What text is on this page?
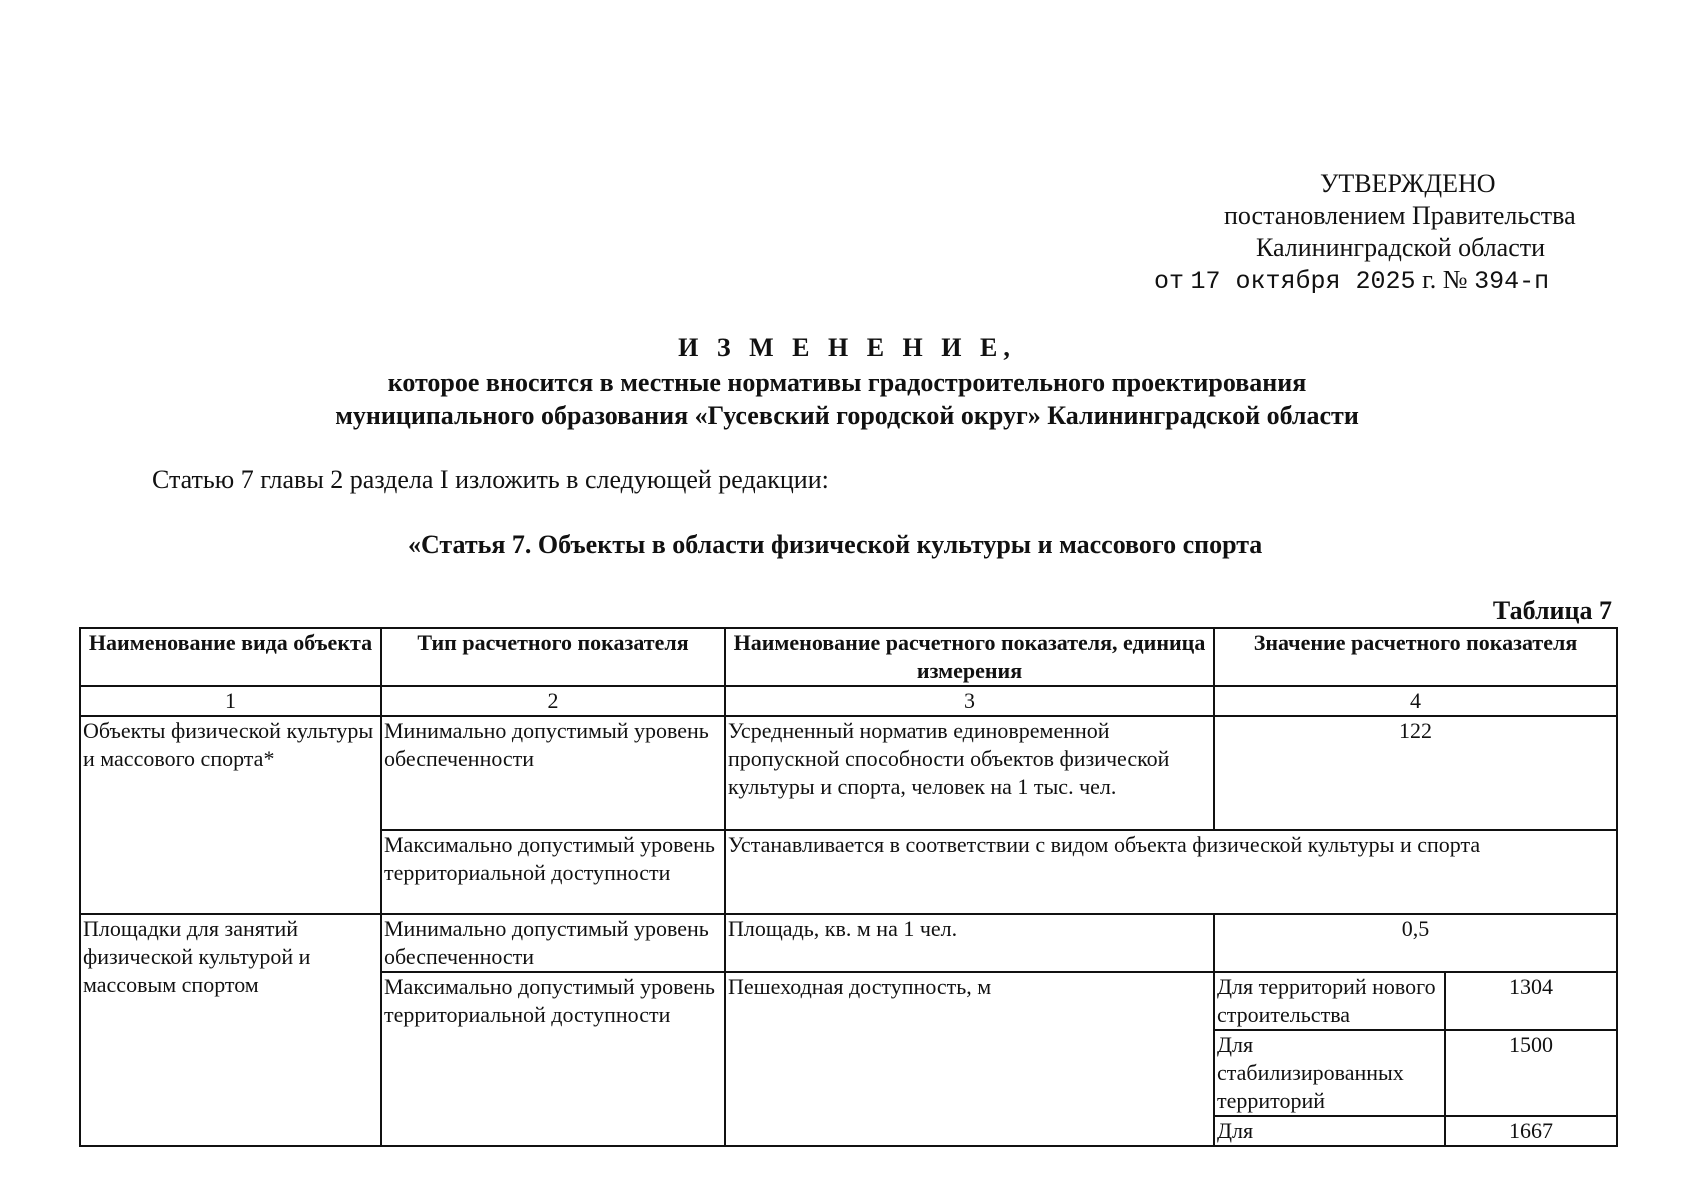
УТВЕРЖДЕНО
постановлением Правительства
Калининградской области
от 17 октября 2025 г. № 394-п
И З М Е Н Е Н И Е,
которое вносится в местные нормативы градостроительного проектирования
муниципального образования «Гусевский городской округ» Калининградской области
Статью 7 главы 2 раздела I изложить в следующей редакции:
«Статья 7. Объекты в области физической культуры и массового спорта
Таблица 7
Наименование вида объекта	Тип расчетного показателя	Наименование расчетного показателя, единица измерения	Значение расчетного показателя	
1	2	3	4	
Объекты физической культуры и массового спорта*	Минимально допустимый уровень обеспеченности	Усредненный норматив единовременной пропускной способности объектов физической культуры и спорта, человек на 1 тыс. чел.	122	
	Максимально допустимый уровень территориальной доступности	Устанавливается в соответствии с видом объекта физической культуры и спорта		
Площадки для занятий физической культурой и массовым спортом	Минимально допустимый уровень обеспеченности	Площадь, кв. м на 1 чел.	0,5	
	Максимально допустимый уровень территориальной доступности	Пешеходная доступность, м	Для территорий нового строительства	1304
			Для стабилизированных территорий	1500
			Для	1667
